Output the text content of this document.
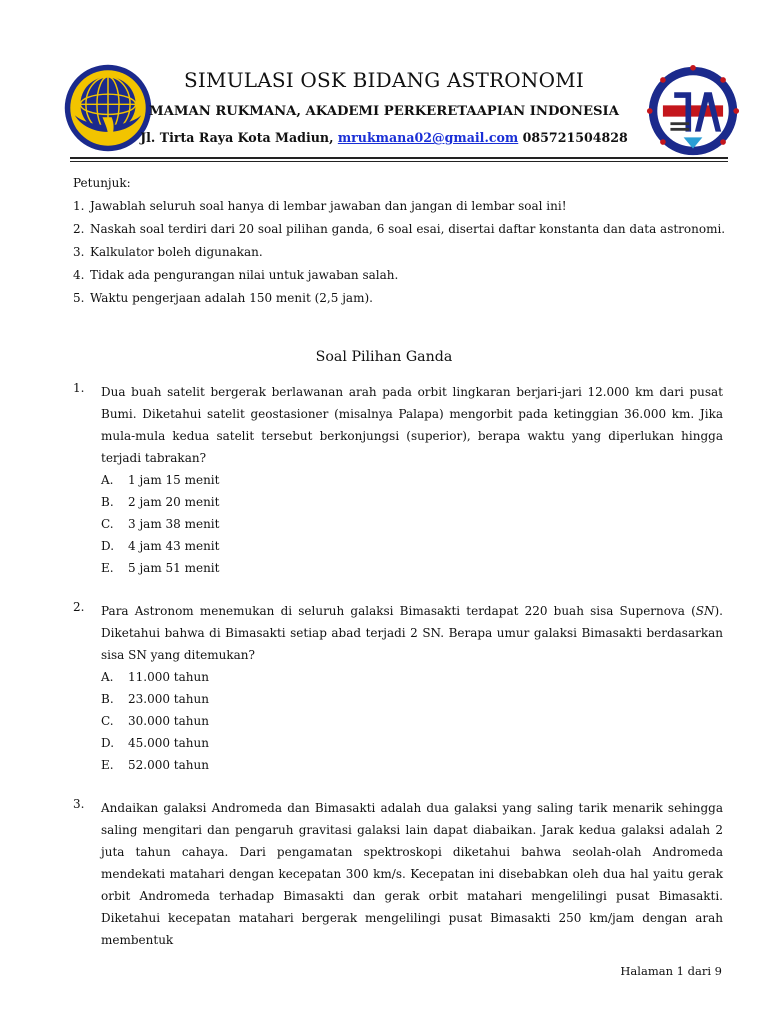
SIMULASI OSK BIDANG ASTRONOMI
MAMAN RUKMANA, AKADEMI PERKERETAAPIAN INDONESIA
Jl. Tirta Raya Kota Madiun, mrukmana02@gmail.com 085721504828
Petunjuk:
1. Jawablah seluruh soal hanya di lembar jawaban dan jangan di lembar soal ini!
2. Naskah soal terdiri dari 20 soal pilihan ganda, 6 soal esai, disertai daftar konstanta dan data astronomi.
3. Kalkulator boleh digunakan.
4. Tidak ada pengurangan nilai untuk jawaban salah.
5. Waktu pengerjaan adalah 150 menit (2,5 jam).
Soal Pilihan Ganda
1. Dua buah satelit bergerak berlawanan arah pada orbit lingkaran berjari-jari 12.000 km dari pusat Bumi. Diketahui satelit geostasioner (misalnya Palapa) mengorbit pada ketinggian 36.000 km. Jika mula-mula kedua satelit tersebut berkonjungsi (superior), berapa waktu yang diperlukan hingga terjadi tabrakan?
A. 1 jam 15 menit
B. 2 jam 20 menit
C. 3 jam 38 menit
D. 4 jam 43 menit
E. 5 jam 51 menit
2. Para Astronom menemukan di seluruh galaksi Bimasakti terdapat 220 buah sisa Supernova (SN). Diketahui bahwa di Bimasakti setiap abad terjadi 2 SN. Berapa umur galaksi Bimasakti berdasarkan sisa SN yang ditemukan?
A. 11.000 tahun
B. 23.000 tahun
C. 30.000 tahun
D. 45.000 tahun
E. 52.000 tahun
3. Andaikan galaksi Andromeda dan Bimasakti adalah dua galaksi yang saling tarik menarik sehingga saling mengitari dan pengaruh gravitasi galaksi lain dapat diabaikan. Jarak kedua galaksi adalah 2 juta tahun cahaya. Dari pengamatan spektroskopi diketahui bahwa seolah-olah Andromeda mendekati matahari dengan kecepatan 300 km/s. Kecepatan ini disebabkan oleh dua hal yaitu gerak orbit Andromeda terhadap Bimasakti dan gerak orbit matahari mengelilingi pusat Bimasakti. Diketahui kecepatan matahari bergerak mengelilingi pusat Bimasakti 250 km/jam dengan arah membentuk
Halaman 1 dari 9
